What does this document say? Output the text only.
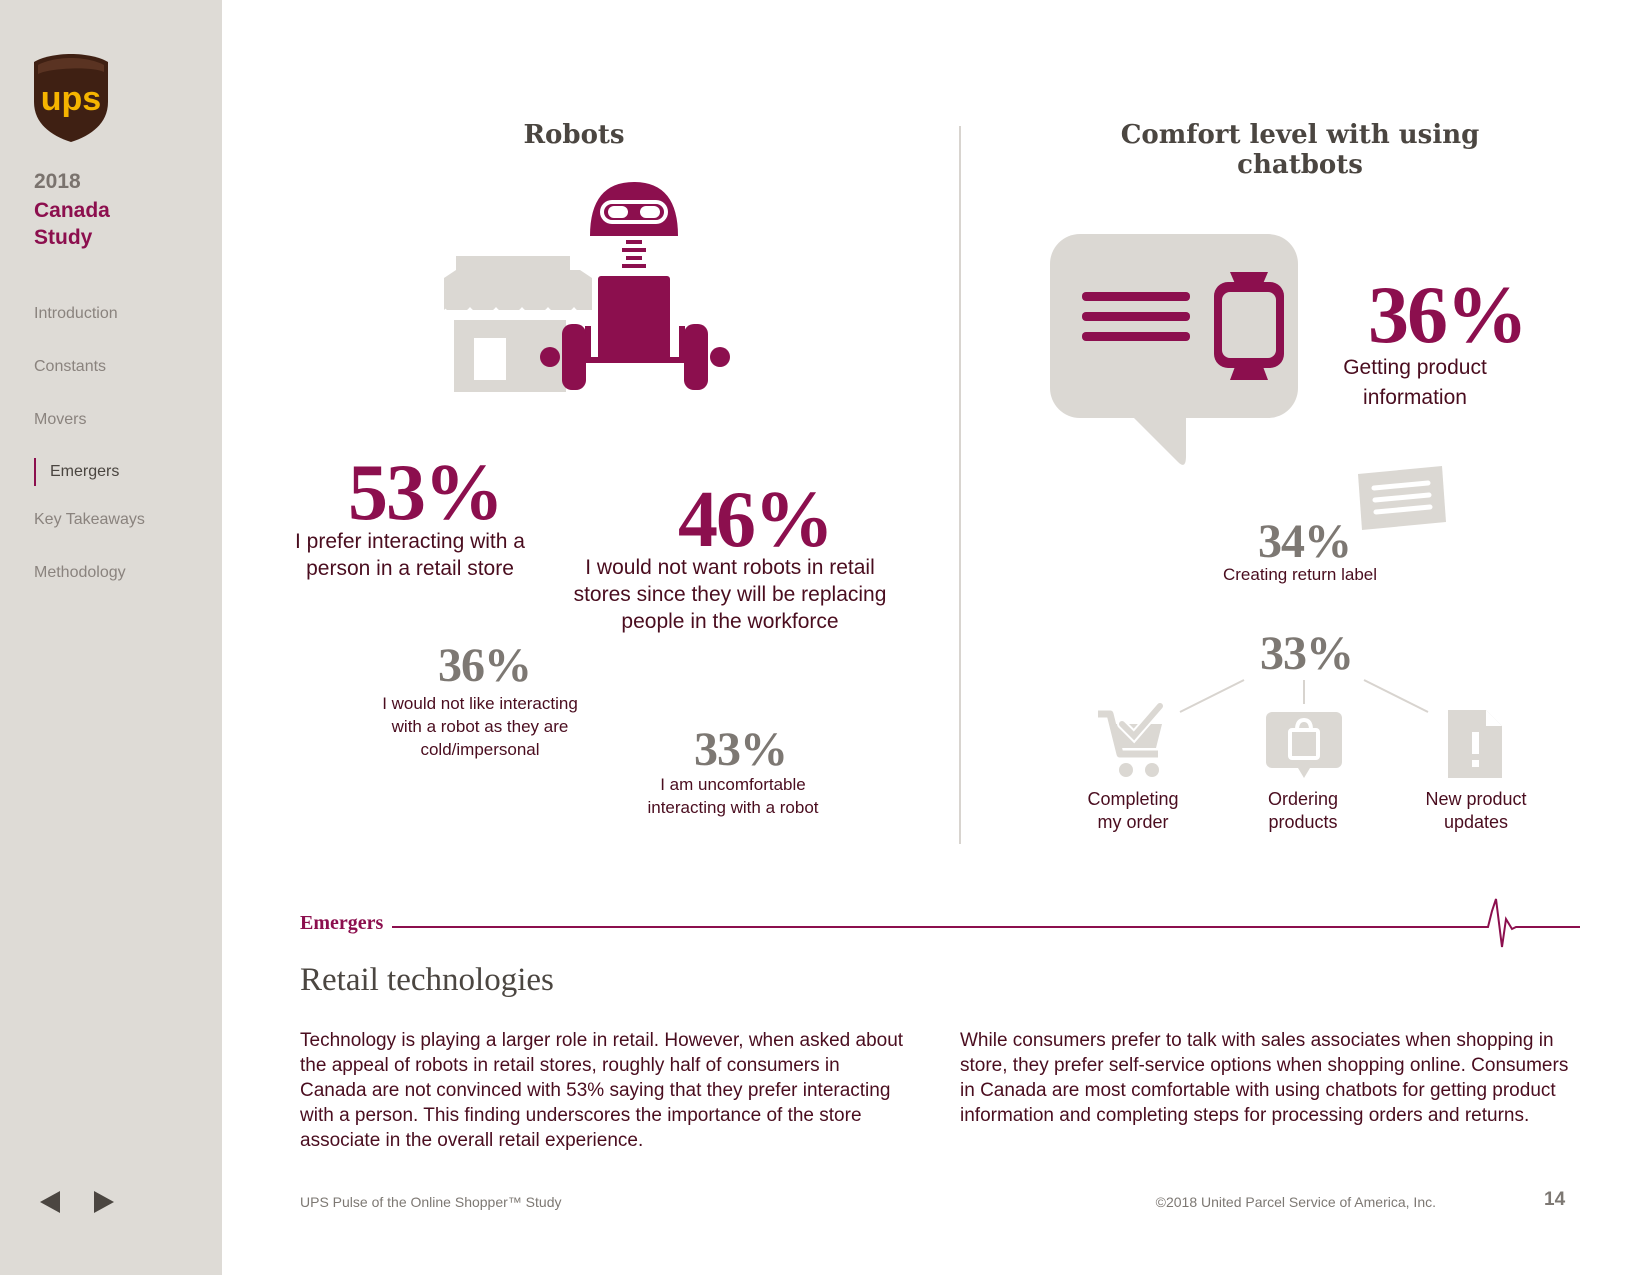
ups
2018
Canada
Study
Introduction
Constants
Movers
Emergers
Key Takeaways
Methodology

Robots
53%
I prefer interacting with a
person in a retail store
46%
I would not want robots in retail
stores since they will be replacing
people in the workforce
36%
I would not like interacting
with a robot as they are
cold/impersonal	33%
I am uncomfortable
interacting with a robot
Comfort level with using chatbots
36%
Getting product
information
34%
Creating return label
33%
Completing
my order
Ordering
products
New product
updates
Emergers
Retail technologies

Technology is playing a larger role in retail. However, when asked about the appeal of robots in retail stores, roughly half of consumers in Canada are not convinced with 53% saying that they prefer interacting with a person. This finding underscores the importance of the store associate in the overall retail experience.

While consumers prefer to talk with sales associates when shopping in store, they prefer self-service options when shopping online. Consumers in Canada are most comfortable with using chatbots for getting product information and completing steps for processing orders and returns.

UPS Pulse of the Online Shopper™ Study	©2018 United Parcel Service of America, Inc.	14
